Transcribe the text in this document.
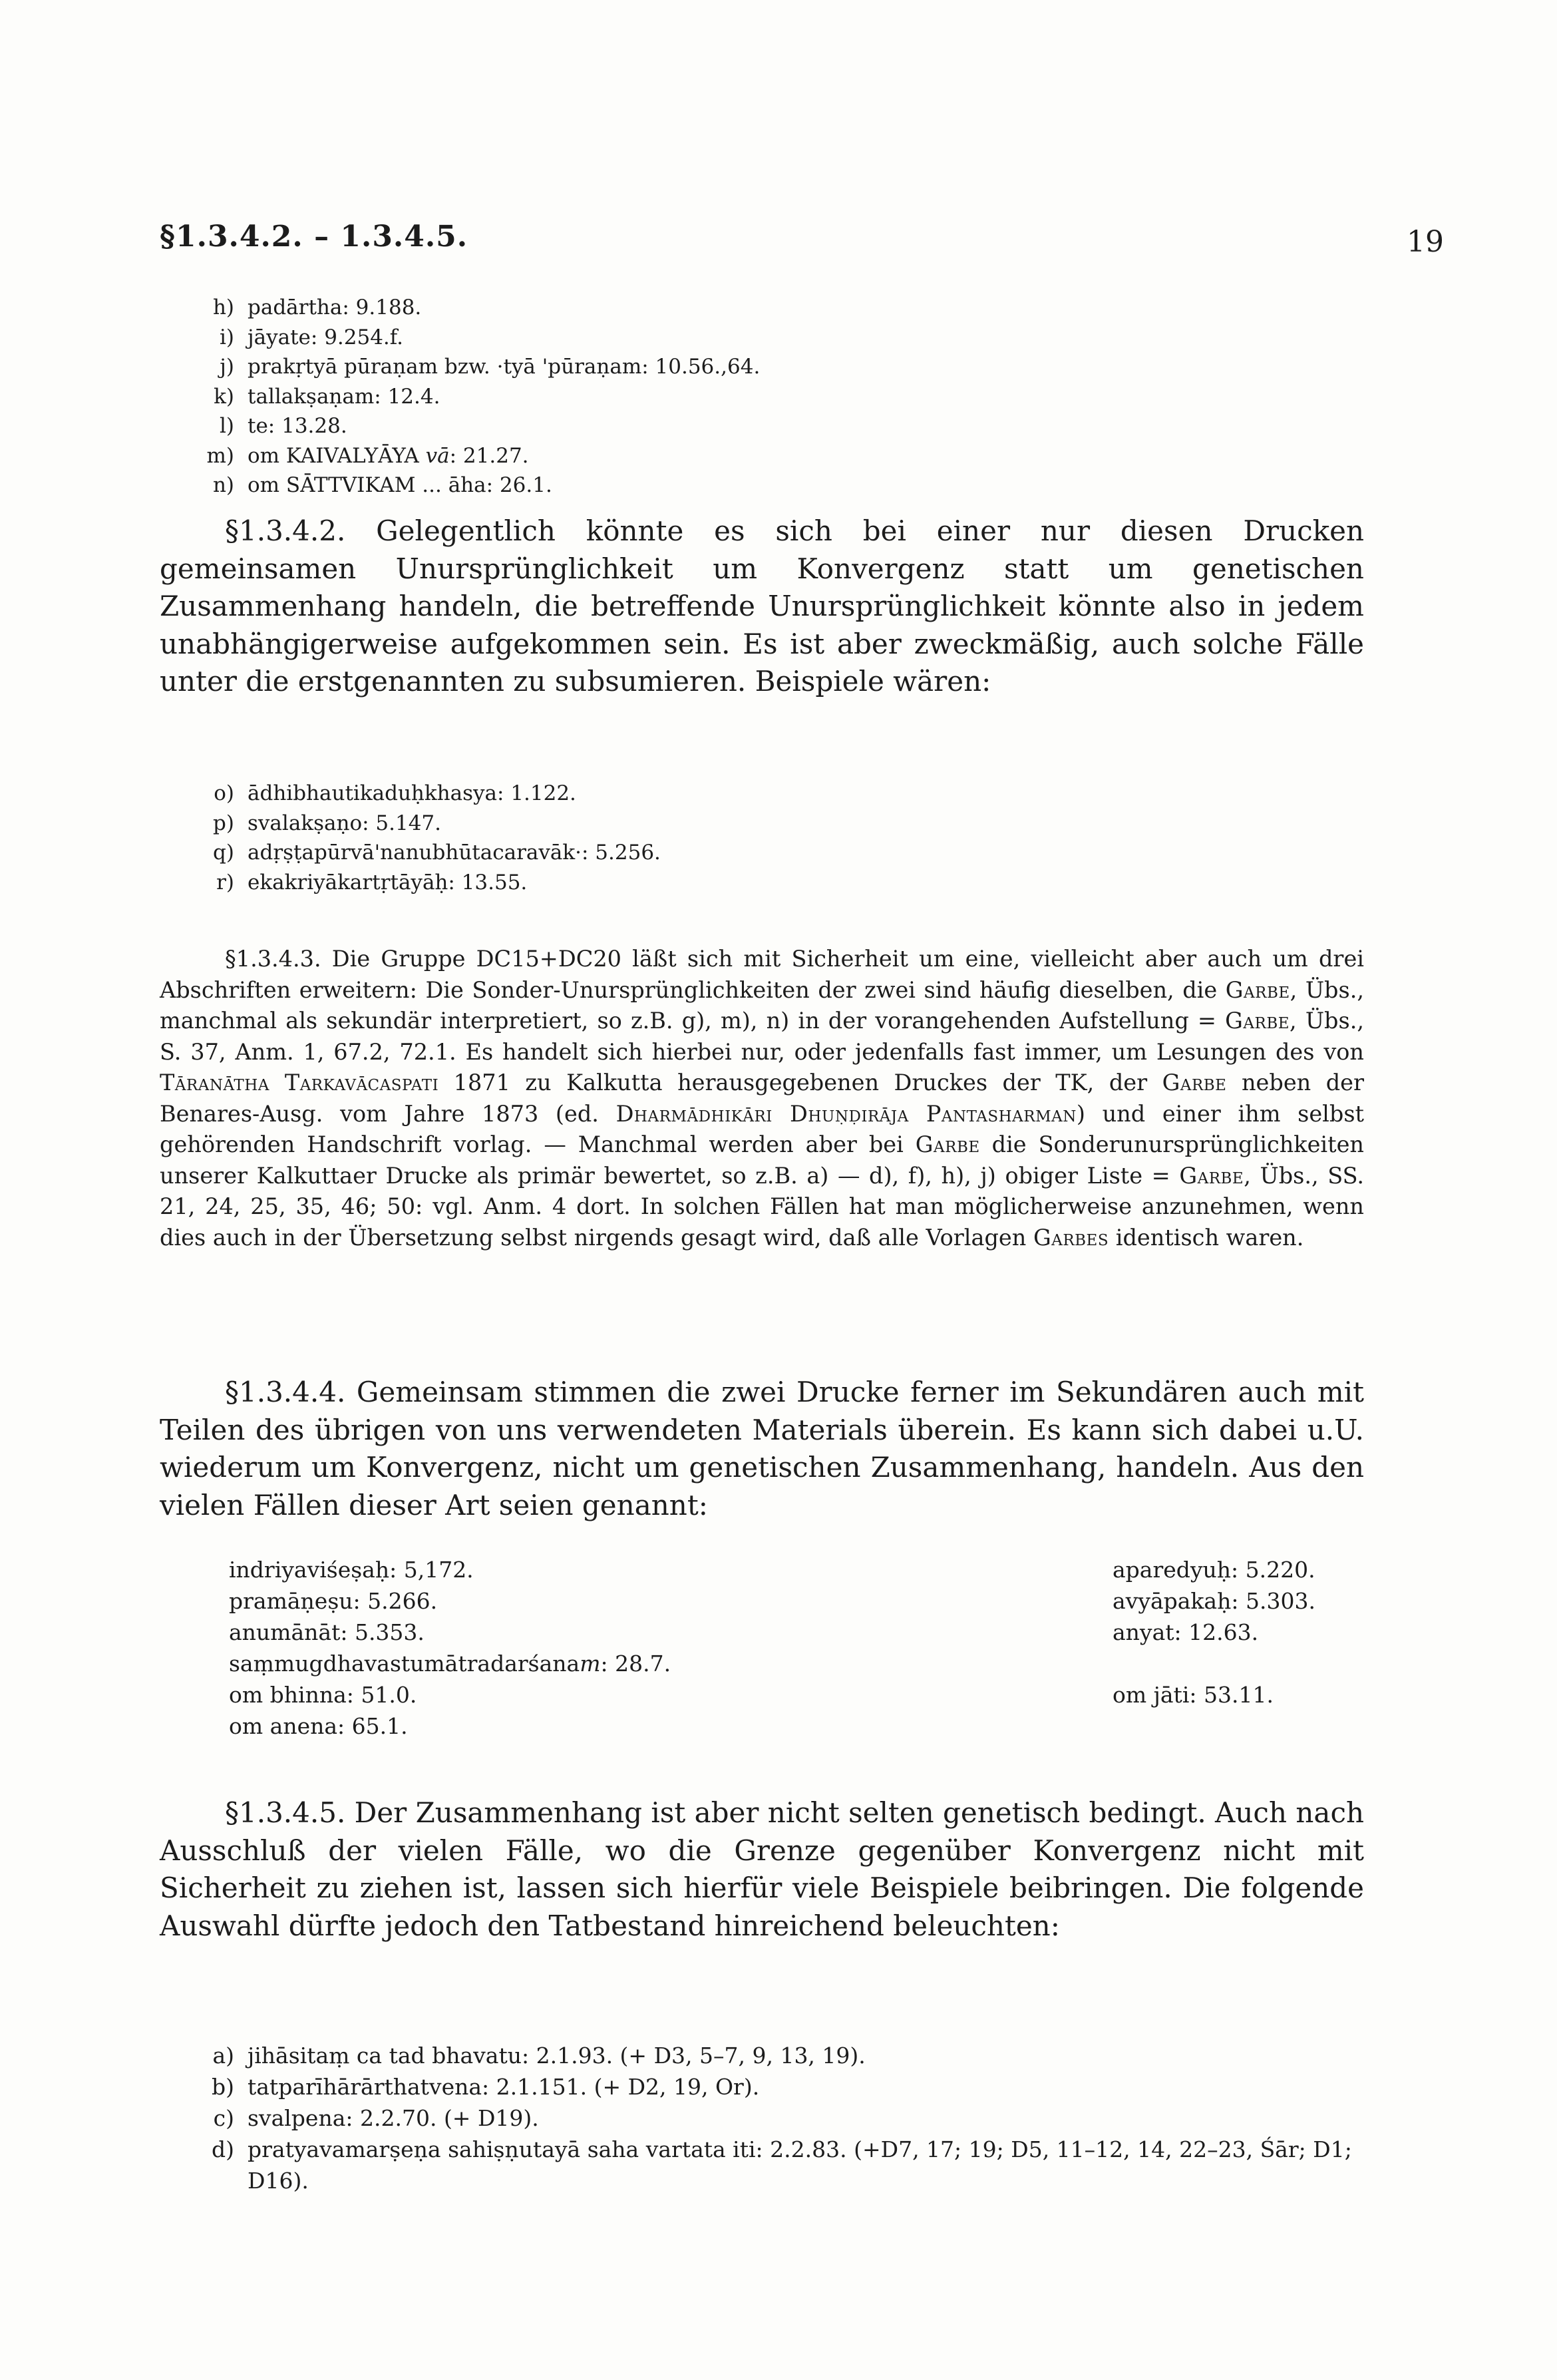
§1.3.4.2. – 1.3.4.5.	19
h) padārtha: 9.188.
i) jāyate: 9.254.f.
j) prakṛtyā pūraṇam bzw. ·tyā 'pūraṇam: 10.56.,64.
k) tallakṣaṇam: 12.4.
l) te: 13.28.
m) om KAIVALYĀYA vā: 21.27.
n) om SĀTTVIKAM ... āha: 26.1.

§1.3.4.2. Gelegentlich könnte es sich bei einer nur diesen Drucken gemeinsamen Unursprünglichkeit um Konvergenz statt um genetischen Zusammenhang handeln, die betreffende Unursprünglichkeit könnte also in jedem unabhängigerweise aufgekommen sein. Es ist aber zweckmäßig, auch solche Fälle unter die erstgenannten zu subsumieren. Beispiele wären:

o) ādhibhautikaduḥkhasya: 1.122.
p) svalakṣaṇo: 5.147.
q) adṛṣṭapūrvā'nanubhūtacaravāk·: 5.256.
r) ekakriyākartṛtāyāḥ: 13.55.

§1.3.4.3. Die Gruppe DC15+DC20 läßt sich mit Sicherheit um eine, vielleicht aber auch um drei Abschriften erweitern: Die Sonder-Unursprünglichkeiten der zwei sind häufig dieselben, die Garbe, Übs., manchmal als sekundär interpretiert, so z.B. g), m), n) in der vorangehenden Aufstellung = Garbe, Übs., S. 37, Anm. 1, 67.2, 72.1. Es handelt sich hierbei nur, oder jedenfalls fast immer, um Lesungen des von Tāranātha Tarkavācaspati 1871 zu Kalkutta herausgegebenen Druckes der TK, der Garbe neben der Benares-Ausg. vom Jahre 1873 (ed. Dharmādhikāri Dhuṇḍirāja Pantasharman) und einer ihm selbst gehörenden Handschrift vorlag. — Manchmal werden aber bei Garbe die Sonderunursprünglichkeiten unserer Kalkuttaer Drucke als primär bewertet, so z.B. a) — d), f), h), j) obiger Liste = Garbe, Übs., SS. 21, 24, 25, 35, 46; 50: vgl. Anm. 4 dort. In solchen Fällen hat man möglicherweise anzunehmen, wenn dies auch in der Übersetzung selbst nirgends gesagt wird, daß alle Vorlagen Garbes identisch waren.

§1.3.4.4. Gemeinsam stimmen die zwei Drucke ferner im Sekundären auch mit Teilen des übrigen von uns verwendeten Materials überein. Es kann sich dabei u.U. wiederum um Konvergenz, nicht um genetischen Zusammenhang, handeln. Aus den vielen Fällen dieser Art seien genannt:

indriyaviśeṣaḥ: 5,172.	aparedyuḥ: 5.220.
pramāṇeṣu: 5.266.	avyāpakaḥ: 5.303.
anumānāt: 5.353.	anyat: 12.63.
saṃmugdhavastumātradarśanam: 28.7.
om bhinna: 51.0.	om jāti: 53.11.
om anena: 65.1.

§1.3.4.5. Der Zusammenhang ist aber nicht selten genetisch bedingt. Auch nach Ausschluß der vielen Fälle, wo die Grenze gegenüber Konvergenz nicht mit Sicherheit zu ziehen ist, lassen sich hierfür viele Beispiele beibringen. Die folgende Auswahl dürfte jedoch den Tatbestand hinreichend beleuchten:

a) jihāsitaṃ ca tad bhavatu: 2.1.93. (+ D3, 5–7, 9, 13, 19).
b) tatparīhārārthatvena: 2.1.151. (+ D2, 19, Or).
c) svalpena: 2.2.70. (+ D19).
d) pratyavamarṣeṇa sahiṣṇutayā saha vartata iti: 2.2.83. (+D7, 17; 19; D5, 11–12, 14, 22–23, Śār; D1; D16).
